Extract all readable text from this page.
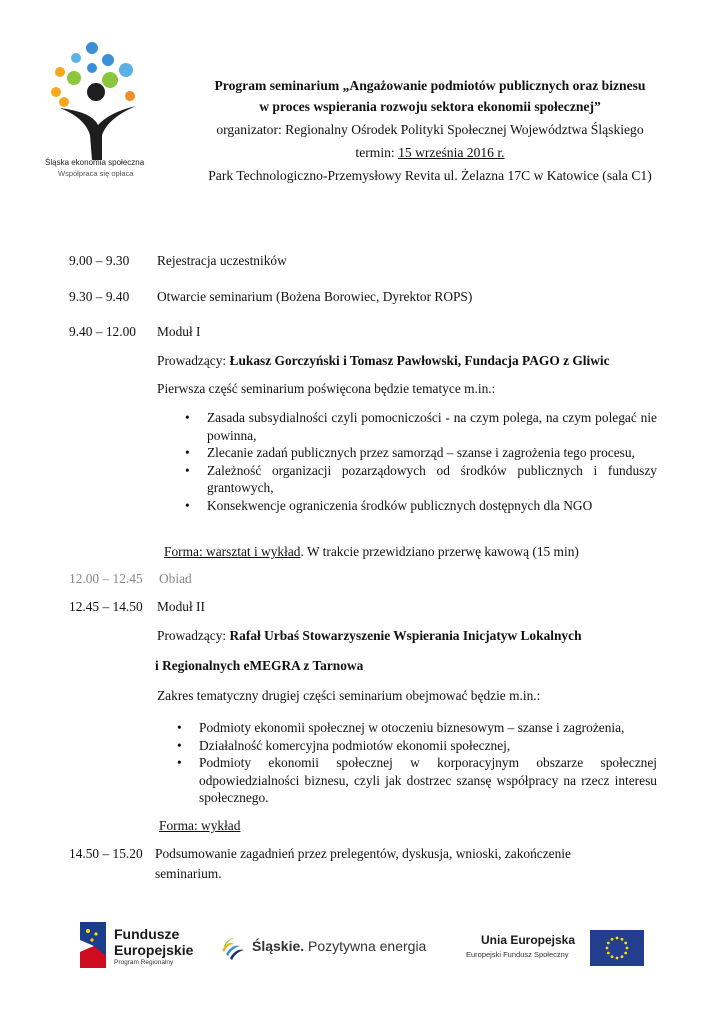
Śląska ekonomia społeczna
Współpraca się opłaca
Program seminarium „Angażowanie podmiotów publicznych oraz biznesu
w proces wspierania rozwoju sektora ekonomii społecznej”
organizator: Regionalny Ośrodek Polityki Społecznej Województwa Śląskiego
termin: 15 września 2016 r.
Park Technologiczno-Przemysłowy Revita ul. Żelazna 17C w Katowice (sala C1)
9.00 – 9.30 Rejestracja uczestników
9.30 – 9.40 Otwarcie seminarium (Bożena Borowiec, Dyrektor ROPS)
9.40 – 12.00 Moduł I
Prowadzący: Łukasz Gorczyński i Tomasz Pawłowski, Fundacja PAGO z Gliwic
Pierwsza część seminarium poświęcona będzie tematyce m.in.:
• Zasada subsydialności czyli pomocniczości - na czym polega, na czym polegać nie powinna,
• Zlecanie zadań publicznych przez samorząd – szanse i zagrożenia tego procesu,
• Zależność organizacji pozarządowych od środków publicznych i funduszy grantowych,
• Konsekwencje ograniczenia środków publicznych dostępnych dla NGO
Forma: warsztat i wykład. W trakcie przewidziano przerwę kawową (15 min)
12.00 – 12.45 Obiad
12.45 – 14.50 Moduł II
Prowadzący: Rafał Urbaś Stowarzyszenie Wspierania Inicjatyw Lokalnych
i Regionalnych eMEGRA z Tarnowa
Zakres tematyczny drugiej części seminarium obejmować będzie m.in.:
• Podmioty ekonomii społecznej w otoczeniu biznesowym – szanse i zagrożenia,
• Działalność komercyjna podmiotów ekonomii społecznej,
• Podmioty ekonomii społecznej w korporacyjnym obszarze społecznej odpowiedzialności biznesu, czyli jak dostrzec szansę współpracy na rzecz interesu społecznego.
Forma: wykład
14.50 – 15.20 Podsumowanie zagadnień przez prelegentów, dyskusja, wnioski, zakończenie
seminarium.
Fundusze
Europejskie
Program Regionalny
Śląskie. Pozytywna energia	Unia Europejska
Europejski Fundusz Społeczny
